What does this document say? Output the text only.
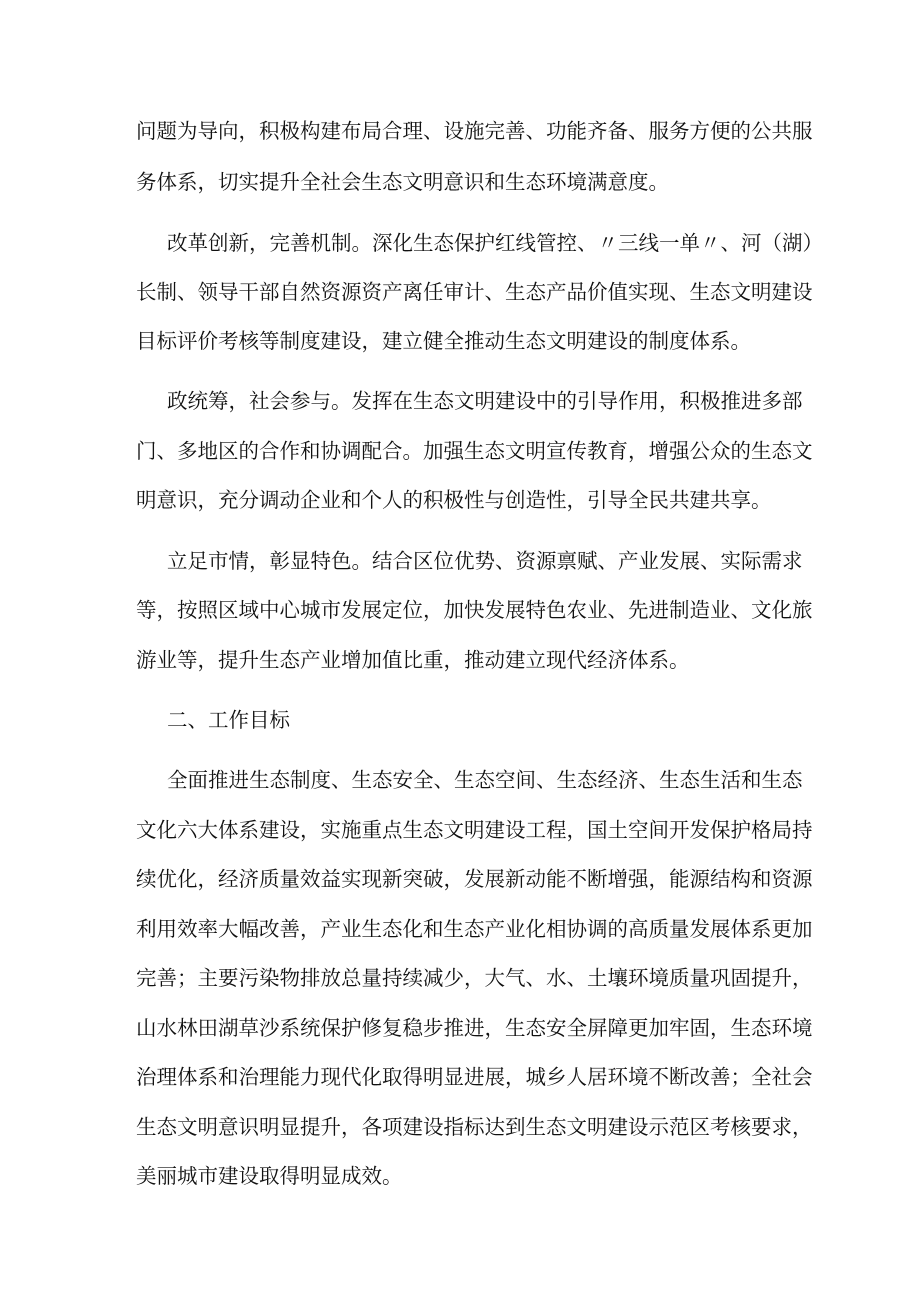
问题为导向，积极构建布局合理、设施完善、功能齐备、服务方便的公共服

务体系，切实提升全社会生态文明意识和生态环境满意度。

改革创新，完善机制。深化生态保护红线管控、〃三线一单〃、河（湖）

长制、领导干部自然资源资产离任审计、生态产品价值实现、生态文明建设

目标评价考核等制度建设，建立健全推动生态文明建设的制度体系。

政统筹，社会参与。发挥在生态文明建设中的引导作用，积极推进多部

门、多地区的合作和协调配合。加强生态文明宣传教育，增强公众的生态文

明意识，充分调动企业和个人的积极性与创造性，引导全民共建共享。

立足市情，彰显特色。结合区位优势、资源禀赋、产业发展、实际需求

等，按照区域中心城市发展定位，加快发展特色农业、先进制造业、文化旅

游业等，提升生态产业增加值比重，推动建立现代经济体系。

二、工作目标

全面推进生态制度、生态安全、生态空间、生态经济、生态生活和生态

文化六大体系建设，实施重点生态文明建设工程，国土空间开发保护格局持

续优化，经济质量效益实现新突破，发展新动能不断增强，能源结构和资源

利用效率大幅改善，产业生态化和生态产业化相协调的高质量发展体系更加

完善；主要污染物排放总量持续减少，大气、水、土壤环境质量巩固提升，

山水林田湖草沙系统保护修复稳步推进，生态安全屏障更加牢固，生态环境

治理体系和治理能力现代化取得明显进展，城乡人居环境不断改善；全社会

生态文明意识明显提升，各项建设指标达到生态文明建设示范区考核要求，

美丽城市建设取得明显成效。
